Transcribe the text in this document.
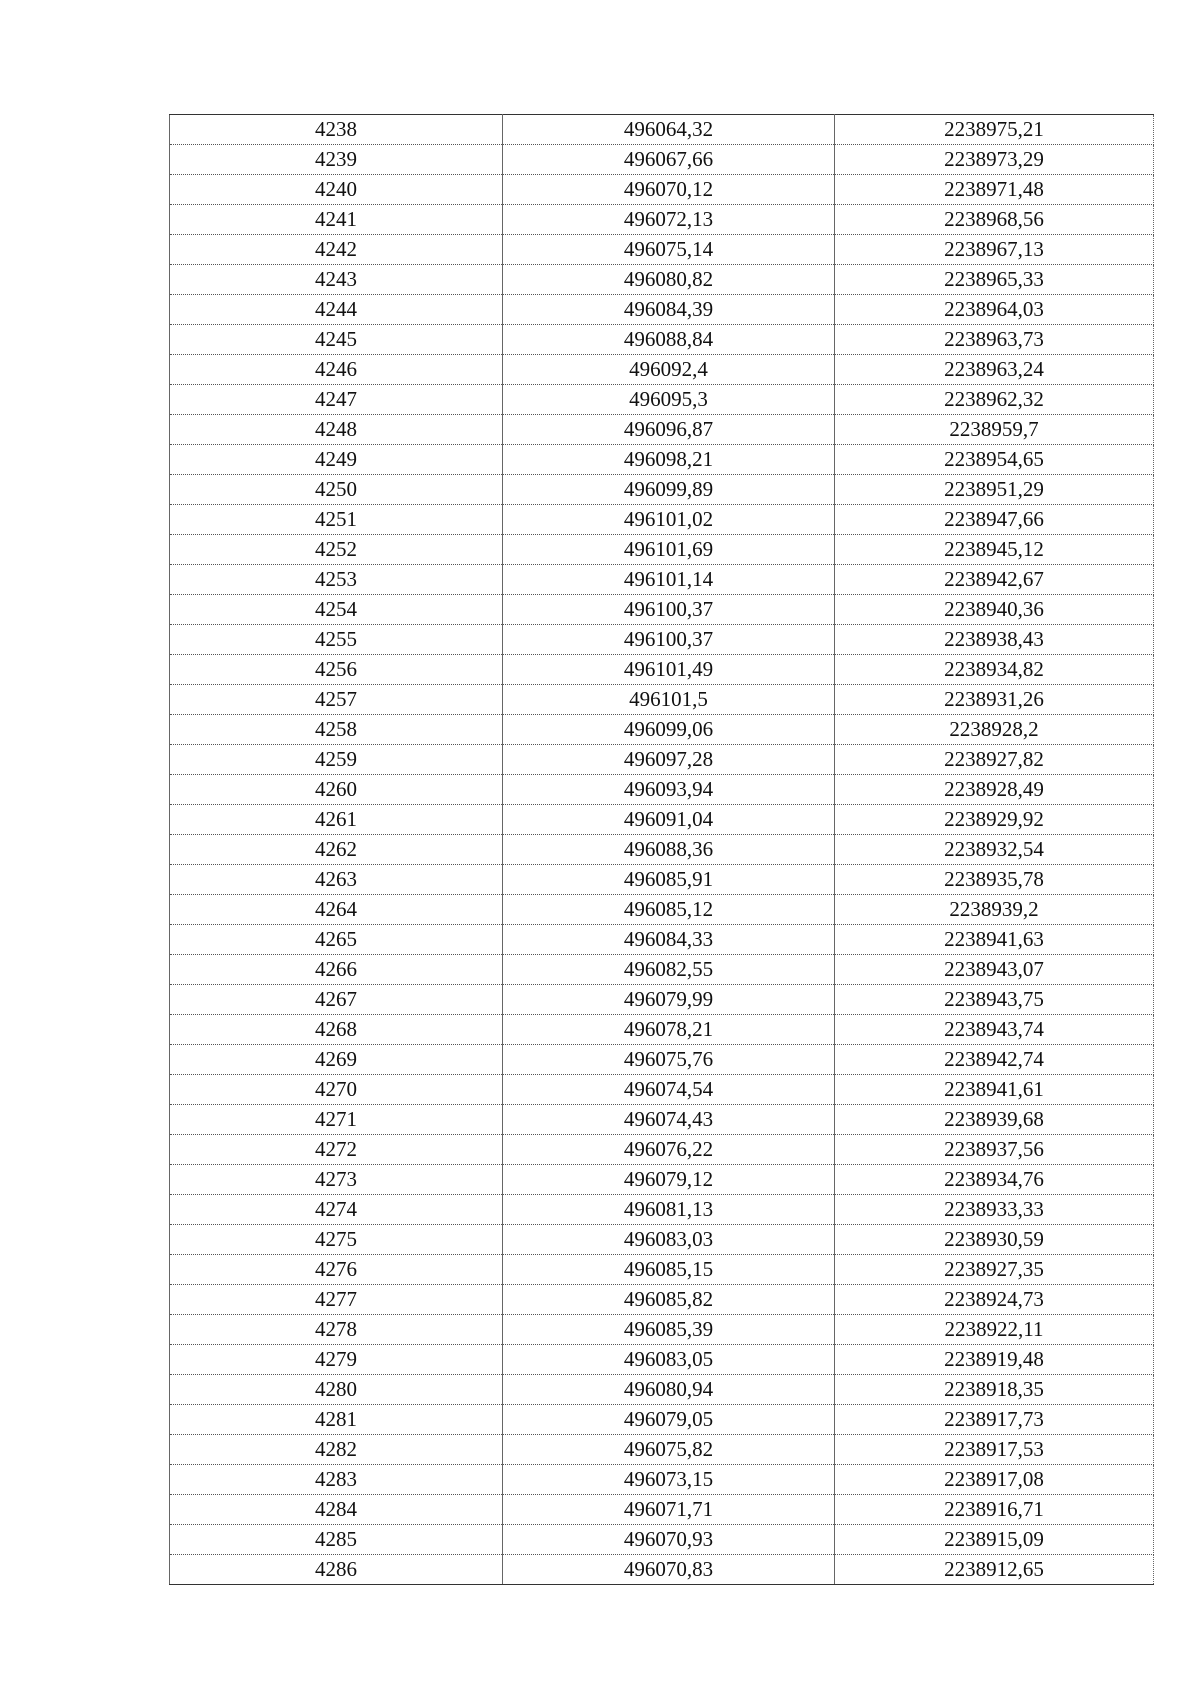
4238	496064,32	2238975,21
4239	496067,66	2238973,29
4240	496070,12	2238971,48
4241	496072,13	2238968,56
4242	496075,14	2238967,13
4243	496080,82	2238965,33
4244	496084,39	2238964,03
4245	496088,84	2238963,73
4246	496092,4	2238963,24
4247	496095,3	2238962,32
4248	496096,87	2238959,7
4249	496098,21	2238954,65
4250	496099,89	2238951,29
4251	496101,02	2238947,66
4252	496101,69	2238945,12
4253	496101,14	2238942,67
4254	496100,37	2238940,36
4255	496100,37	2238938,43
4256	496101,49	2238934,82
4257	496101,5	2238931,26
4258	496099,06	2238928,2
4259	496097,28	2238927,82
4260	496093,94	2238928,49
4261	496091,04	2238929,92
4262	496088,36	2238932,54
4263	496085,91	2238935,78
4264	496085,12	2238939,2
4265	496084,33	2238941,63
4266	496082,55	2238943,07
4267	496079,99	2238943,75
4268	496078,21	2238943,74
4269	496075,76	2238942,74
4270	496074,54	2238941,61
4271	496074,43	2238939,68
4272	496076,22	2238937,56
4273	496079,12	2238934,76
4274	496081,13	2238933,33
4275	496083,03	2238930,59
4276	496085,15	2238927,35
4277	496085,82	2238924,73
4278	496085,39	2238922,11
4279	496083,05	2238919,48
4280	496080,94	2238918,35
4281	496079,05	2238917,73
4282	496075,82	2238917,53
4283	496073,15	2238917,08
4284	496071,71	2238916,71
4285	496070,93	2238915,09
4286	496070,83	2238912,65
